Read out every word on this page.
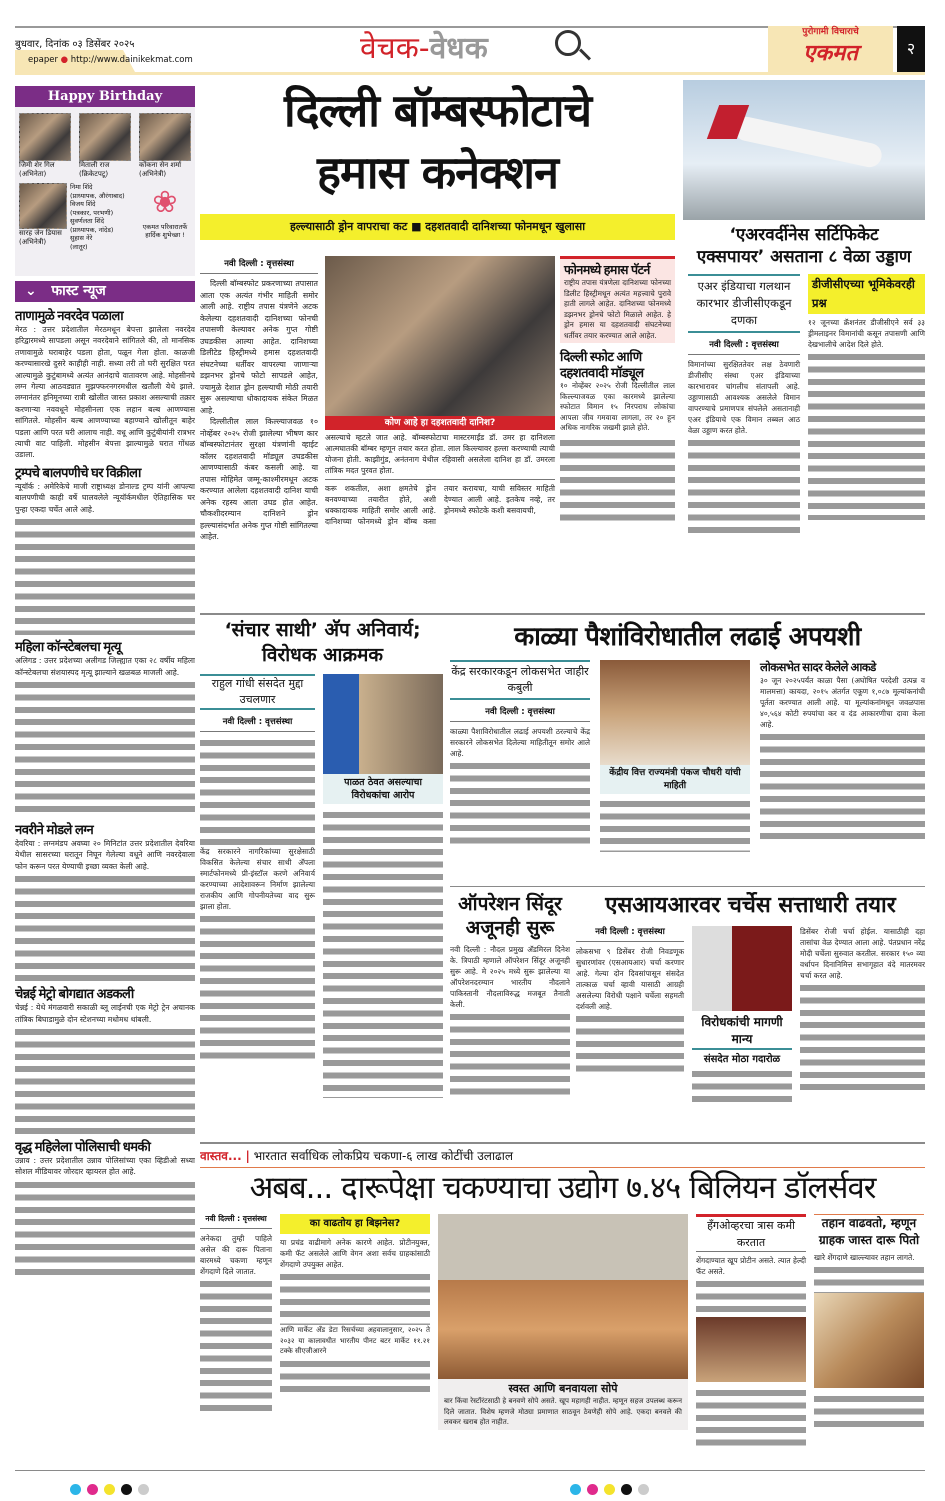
बुधवार, दिनांक ०३ डिसेंबर २०२५
epaper ● http://www.dainikekmat.com	वेचक-वेधक	पुरोगामी विचाराचे
एकमत	२
Happy Birthday
जिमी शेर गिल
(अभिनेता)
मिताली राज
(क्रिकेटपटू)
कोंकना सेन शर्मा
(अभिनेत्री)
सारह जेन डियास
(अभिनेत्री)
निमा शिंदे
(प्राध्यापक, औरंगाबाद)
विजय शिंदे
(पत्रकार, परभणी)
सुवर्णलता शिंदे
(प्राध्यापक, नांदेड)
सुहास नेरे
(लातूर)
❀
एकमत परिवारातर्फे हार्दिक शुभेच्छा !
⌄ फास्ट न्यूज
ताणामुळे नवरदेव पळाला
मेरठ : उत्तर प्रदेशातील मेरठमधून बेपत्ता झालेला नवरदेव हरिद्वारमध्ये सापडला असून नवरदेवाने सांगितले की, तो मानसिक तणावामुळे घराबाहेर पडला होता, पळून गेला होता. काळजी करण्यासारखे दुसरे काहीही नाही. सध्या तरी तो घरी सुरक्षित परत आल्यामुळे कुटुंबामध्ये अत्यंत आनंदाचे वातावरण आहे. मोहसीनचे लग्न गेल्या आठवड्यात मुझफ्फरनगरमधील खतौली येथे झाले. लग्नानंतर हनिमूनच्या रात्री खोलीत जास्त प्रकाश असल्याची तक्रार करणाऱ्या नववधूने मोहसीनला एक लहान बल्ब आणण्यास सांगितले. मोहसीन बल्ब आणण्याच्या बहाण्याने खोलीतून बाहेर पडला आणि परत घरी आलाच नाही. वधू आणि कुटुंबीयांनी रात्रभर त्याची वाट पाहिली. मोहसीन बेपत्ता झाल्यामुळे घरात गोंधळ उडाला.
ट्रम्पचे बालपणीचे घर विक्रीला
न्यूयॉर्क : अमेरिकेचे माजी राष्ट्राध्यक्ष डोनाल्ड ट्रम्प यांनी आपल्या बालपणीची काही वर्षे घालवलेले न्यूयॉर्कमधील ऐतिहासिक घर पुन्हा एकदा चर्चेत आले आहे.
महिला कॉन्स्टेबलचा मृत्यू
अलिगड : उत्तर प्रदेशच्या अलीगड जिल्ह्यात एका २८ वर्षीय महिला कॉन्स्टेबलचा संशयास्पद मृत्यू झाल्याने खळबळ माजली आहे.
नवरीने मोडले लग्न
देवरिया : लग्नमंडप अवघ्या २० मिनिटांत उत्तर प्रदेशातील देवरिया येथील सासरच्या घरातून निघून गेलेल्या वधूने आणि नवरदेवाला फोन करून परत येण्याची इच्छा व्यक्त केली आहे.
चेन्नई मेट्रो बोगद्यात अडकली
चेन्नई : येथे मंगळवारी सकाळी ब्लू लाईनची एक मेट्रो ट्रेन अचानक तांत्रिक बिघाडामुळे दोन स्टेशनच्या मधोमध थांबली.
वृद्ध महिलेला पोलिसाची धमकी
उन्नाव : उत्तर प्रदेशातील उन्नाव पोलिसांच्या एका व्हिडीओ सध्या सोशल मीडियावर जोरदार व्हायरल होत आहे.
दिल्ली बॉम्बस्फोटाचे
हमास कनेक्शन
हल्ल्यासाठी ड्रोन वापराचा कट ■ दहशतवादी दानिशच्या फोनमधून खुलासा
नवी दिल्ली : वृत्तसंस्था
दिल्ली बॉम्बस्फोट प्रकरणाच्या तपासात आता एक अत्यंत गंभीर माहिती समोर आली आहे. राष्ट्रीय तपास यंत्रणेने अटक केलेल्या दहशतवादी दानिशच्या फोनची तपासणी केल्यावर अनेक गुप्त गोष्टी उघडकीस आल्या आहेत. दानिशच्या डिलीटेड हिस्ट्रीमध्ये हमास दहशतवादी संघटनेच्या धर्तीवर वापरल्या जाणाऱ्या डझनभर ड्रोनचे फोटो सापडले आहेत, ज्यामुळे देशात ड्रोन हल्ल्याची मोठी तयारी सुरू असल्याचा धोकादायक संकेत मिळत आहे.
दिल्लीतील लाल किल्ल्याजवळ १० नोव्हेंबर २०२५ रोजी झालेल्या भीषण कार बॉम्बस्फोटानंतर सुरक्षा यंत्रणांनी व्हाईट कॉलर दहशतवादी मॉड्यूल उघडकीस आणण्यासाठी कंबर कसली आहे. या तपास मोहिमेत जम्मू-काश्मीरमधून अटक करण्यात आलेला दहशतवादी दानिश याची अनेक रहस्य आता उघड होत आहेत. चौकशीदरम्यान दानिशने ड्रोन हल्ल्यासंदर्भात अनेक गुप्त गोष्टी सांगितल्या आहेत.
कोण आहे हा दहशतवादी दानिश?
असल्याचे म्हटले जात आहे. बॉम्बस्फोटाचा मास्टरमाईंड डॉ. उमर हा दानिशला आत्मघातकी बॉम्बर म्हणून तयार करत होता. लाल किल्ल्यावर हल्ला करण्याची त्याची योजना होती. काझीगुंड, अनंतनाग येथील रहिवासी असलेला दानिश हा डॉ. उमरला तांत्रिक मदत पुरवत होता.
करू शकतील, अशा क्षमतेचे ड्रोन बनवण्याच्या तयारीत होते, अशी धक्कादायक माहिती समोर आली आहे. दानिशच्या फोनमध्ये ड्रोन बॉम्ब कसा तयार करायचा, याची सविस्तर माहिती देण्यात आली आहे. इतकेच नव्हे, तर ड्रोनमध्ये स्फोटके कशी बसवायची,
फोनमध्ये हमास पॅटर्न
राष्ट्रीय तपास यंत्रणेला दानिशच्या फोनच्या डिलीट हिस्ट्रीमधून अत्यंत महत्त्वाचे पुरावे हाती लागले आहेत. दानिशच्या फोनमध्ये डझनभर ड्रोनचे फोटो मिळाले आहेत. हे ड्रोन हमास या दहशतवादी संघटनेच्या धर्तीवर तयार करण्यात आले आहेत.
दिल्ली स्फोट आणि दहशतवादी मॉड्यूल
१० नोव्हेंबर २०२५ रोजी दिल्लीतील लाल किल्ल्याजवळ एका कारमध्ये झालेल्या स्फोटात विमान १५ निरपराध लोकांचा आपला जीव गमवावा लागला, तर २० हून अधिक नागरिक जखमी झाले होते.
‘एअरवर्दीनेस सर्टिफिकेट
एक्सपायर’ असताना ८ वेळा उड्डाण
एअर इंडियाचा गलथान कारभार डीजीसीएकडून दणका
नवी दिल्ली : वृत्तसंस्था
विमानांच्या सुरक्षिततेवर लक्ष ठेवणारी डीजीसीए संस्था एअर इंडियाच्या कारभारावर चांगलीच संतापली आहे. उड्डाणासाठी आवश्यक असलेले विमान वापरण्याचे प्रमाणपत्र संपलेले असतानाही एअर इंडियाचे एक विमान तब्बल आठ वेळा उड्डाण करत होते.
डीजीसीएच्या भूमिकेवरही प्रश्न
१२ जूनच्या क्रॅशनंतर डीजीसीएने सर्व ३३ ड्रीमलाइनर विमानांची कसून तपासणी आणि देखभालीचे आदेश दिले होते.
‘संचार साथी’ अ‍ॅप अनिवार्य; विरोधक आक्रमक
राहुल गांधी संसदेत मुद्दा उचलणार
नवी दिल्ली : वृत्तसंस्था
केंद्र सरकारने नागरिकांच्या सुरक्षेसाठी विकसित केलेल्या संचार साथी अ‍ॅपला स्मार्टफोनमध्ये प्री-इंस्टॉल करणे अनिवार्य करण्याच्या आदेशावरून निर्माण झालेल्या राजकीय आणि गोपनीयतेच्या वाद सुरू झाला होता.
पाळत ठेवत असल्याचा विरोधकांचा आरोप
काळ्या पैशांविरोधातील लढाई अपयशी
केंद्र सरकारकडून लोकसभेत जाहीर कबुली
नवी दिल्ली : वृत्तसंस्था
काळ्या पैशाविरोधातील लढाई अपयशी ठरल्याचे केंद्र सरकारने लोकसभेत दिलेल्या माहितीतून समोर आले आहे.
केंद्रीय वित्त राज्यमंत्री पंकज चौधरी यांची माहिती
लोकसभेत सादर केलेले आकडे
३० जून २०२५पर्यंत काळा पैसा (अघोषित परदेशी उत्पन्न व मालमत्ता) कायदा, २०१५ अंतर्गत एकूण १,०८७ मूल्यांकनांची पूर्तता करण्यात आली आहे. या मूल्यांकनांमधून जवळपास ४०,५६४ कोटी रुपयांचा कर व दंड आकारणीचा दावा केला आहे.
ऑपरेशन सिंदूर अजूनही सुरू
नवी दिल्ली : नौदल प्रमुख अ‍ॅडमिरल दिनेश के. त्रिपाठी म्हणाले ऑपरेशन सिंदूर अजूनही सुरू आहे. मे २०२५ मध्ये सुरू झालेल्या या ऑपरेशनदरम्यान भारतीय नौदलाने पाकिस्तानी नौदलाविरुद्ध मजबूत तैनाती केली.
एसआयआरवर चर्चेस सत्ताधारी तयार
नवी दिल्ली : वृत्तसंस्था
लोकसभा ९ डिसेंबर रोजी निवडणूक सुधारणांवर (एसआयआर) चर्चा करणार आहे. गेल्या दोन दिवसांपासून संसदेत तात्काळ चर्चा व्हावी यासाठी आग्रही असलेल्या विरोधी पक्षाने चर्चेला सहमती दर्शवली आहे.
विरोधकांची मागणी मान्य
संसदेत मोठा गदारोळ
डिसेंबर रोजी चर्चा होईल. यासाठीही दहा तासांचा वेळ देण्यात आला आहे. पंतप्रधान नरेंद्र मोदी चर्चेला सुरुवात करतील. सरकार १५० व्या वर्धापन दिनानिमित्त सभागृहात वंदे मातरमवर चर्चा करत आहे.
वास्तव... | भारतात सर्वाधिक लोकप्रिय चकणा-६ लाख कोटींची उलाढाल
अबब... दारूपेक्षा चकण्याचा उद्योग ७.४५ बिलियन डॉलर्सवर
नवी दिल्ली : वृत्तसंस्था
अनेकदा तुम्ही पाहिले असेल की दारू पिताना बारमध्ये चकणा म्हणून शेंगदाणे दिले जातात.
का वाढतोय हा बिझनेस?
या प्रचंड वाढीमागे अनेक कारणे आहेत. प्रोटीनयुक्त, कमी फॅट असलेले आणि वेगन अशा सर्वच ग्राहकांसाठी शेंगदाणे उपयुक्त आहेत.
आणि मार्केट अँड डेटा रिसर्चच्या अहवालानुसार, २०२५ ते २०३२ या कालावधीत भारतीय पीनट बटर मार्केट ११.२१ टक्के सीएजीआरने
स्वस्त आणि बनवायला सोपे
बार किंवा रेस्टॉरंटसाठी हे बनवणे सोपे असते. खूप महागही नाहीत. म्हणून सहज उपलब्ध करून दिले जातात. विशेष म्हणजे मोठ्या प्रमाणात साठवून ठेवणेही सोपे आहे. एकदा बनवले की लवकर खराब होत नाहीत.
हँगओव्हरचा त्रास कमी करतात
शेंगदाण्यात खूप प्रोटीन असते. त्यात हेल्दी फॅट असते.
तहान वाढवतो, म्हणून ग्राहक जास्त दारू पितो
खारे शेंगदाणे खाल्ल्यावर तहान लागते.
